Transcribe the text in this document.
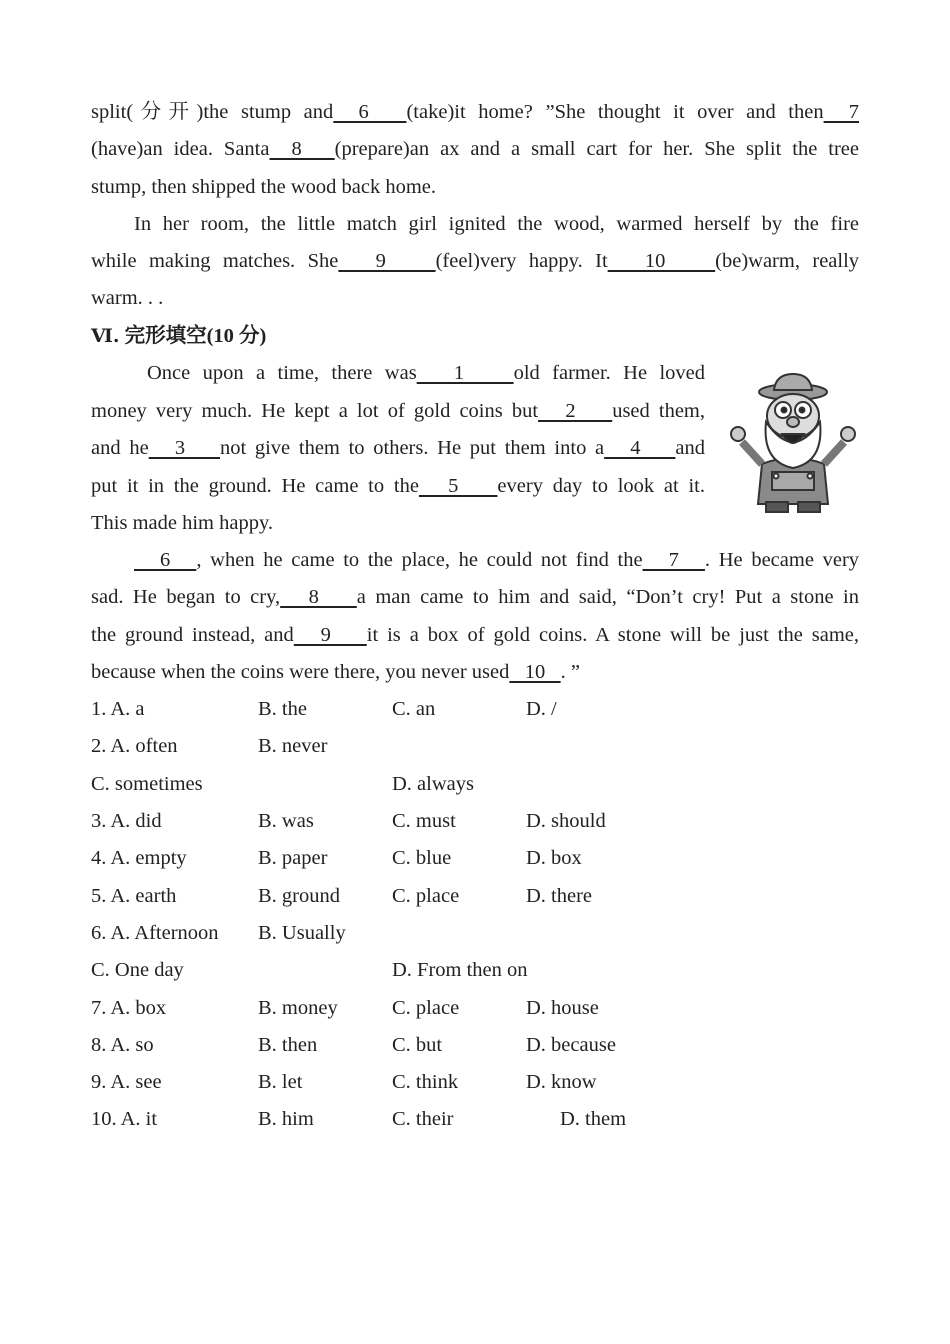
split(分开)the stump and  6   (take)it home? ”She thought it over and then  7
(have)an idea. Santa  8   (prepare)an ax and a small cart for her. She split the tree
stump, then shipped the wood back home.
In her room, the little match girl ignited the wood, warmed herself by the fire
while making matches. She   9    (feel)very happy. It   10    (be)warm, really
warm. . .
Ⅵ. 完形填空(10 分)
Once upon a time, there was   1    old farmer. He loved
money very much. He kept a lot of gold coins but   2    used them,
and he   3    not give them to others. He put them into a   4    and
put it in the ground. He came to the   5    every day to look at it.
This made him happy.
6   , when he came to the place, he could not find the   7   . He became very
sad. He began to cry,   8    a man came to him and said, “Don’t cry! Put a stone in
the ground instead, and   9    it is a box of gold coins. A stone will be just the same,
because when the coins were there, you never used   10   . ”
1. A. a	B. the	C. an	D. /
2. A. often	B. never
C. sometimes	D. always
3. A. did	B. was	C. must	D. should
4. A. empty	B. paper	C. blue	D. box
5. A. earth	B. ground	C. place	D. there
6. A. Afternoon B. Usually
C. One day	D. From then on
7. A. box	B. money	C. place	D. house
8. A. so	B. then	C. but	D. because
9. A. see	B. let	C. think	D. know
10. A. it	B. him	C. their	D. them
